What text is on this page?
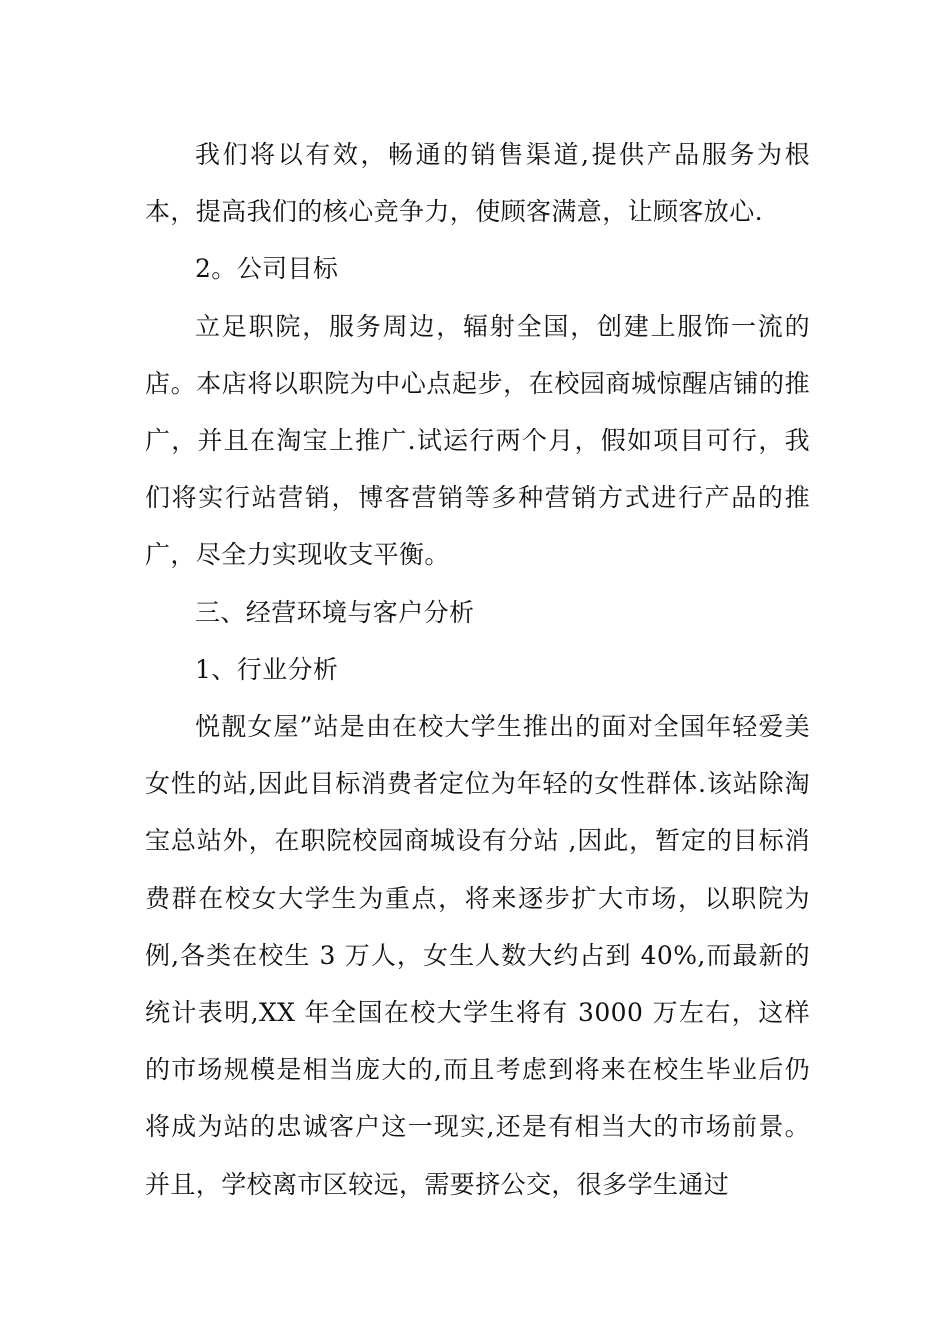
我们将以有效，畅通的销售渠道,提供产品服务为根本，提高我们的核心竞争力，使顾客满意，让顾客放心.

2。公司目标

立足职院，服务周边，辐射全国，创建上服饰一流的店。本店将以职院为中心点起步，在校园商城惊醒店铺的推广，并且在淘宝上推广.试运行两个月，假如项目可行，我们将实行站营销，博客营销等多种营销方式进行产品的推广，尽全力实现收支平衡。

三、经营环境与客户分析

1、行业分析

悦靓女屋”站是由在校大学生推出的面对全国年轻爱美女性的站,因此目标消费者定位为年轻的女性群体.该站除淘宝总站外，在职院校园商城设有分站 ,因此，暂定的目标消费群在校女大学生为重点，将来逐步扩大市场，以职院为例,各类在校生 3 万人，女生人数大约占到 40%,而最新的统计表明,XX 年全国在校大学生将有 3000 万左右，这样的市场规模是相当庞大的,而且考虑到将来在校生毕业后仍将成为站的忠诚客户这一现实,还是有相当大的市场前景。并且，学校离市区较远，需要挤公交，很多学生通过
